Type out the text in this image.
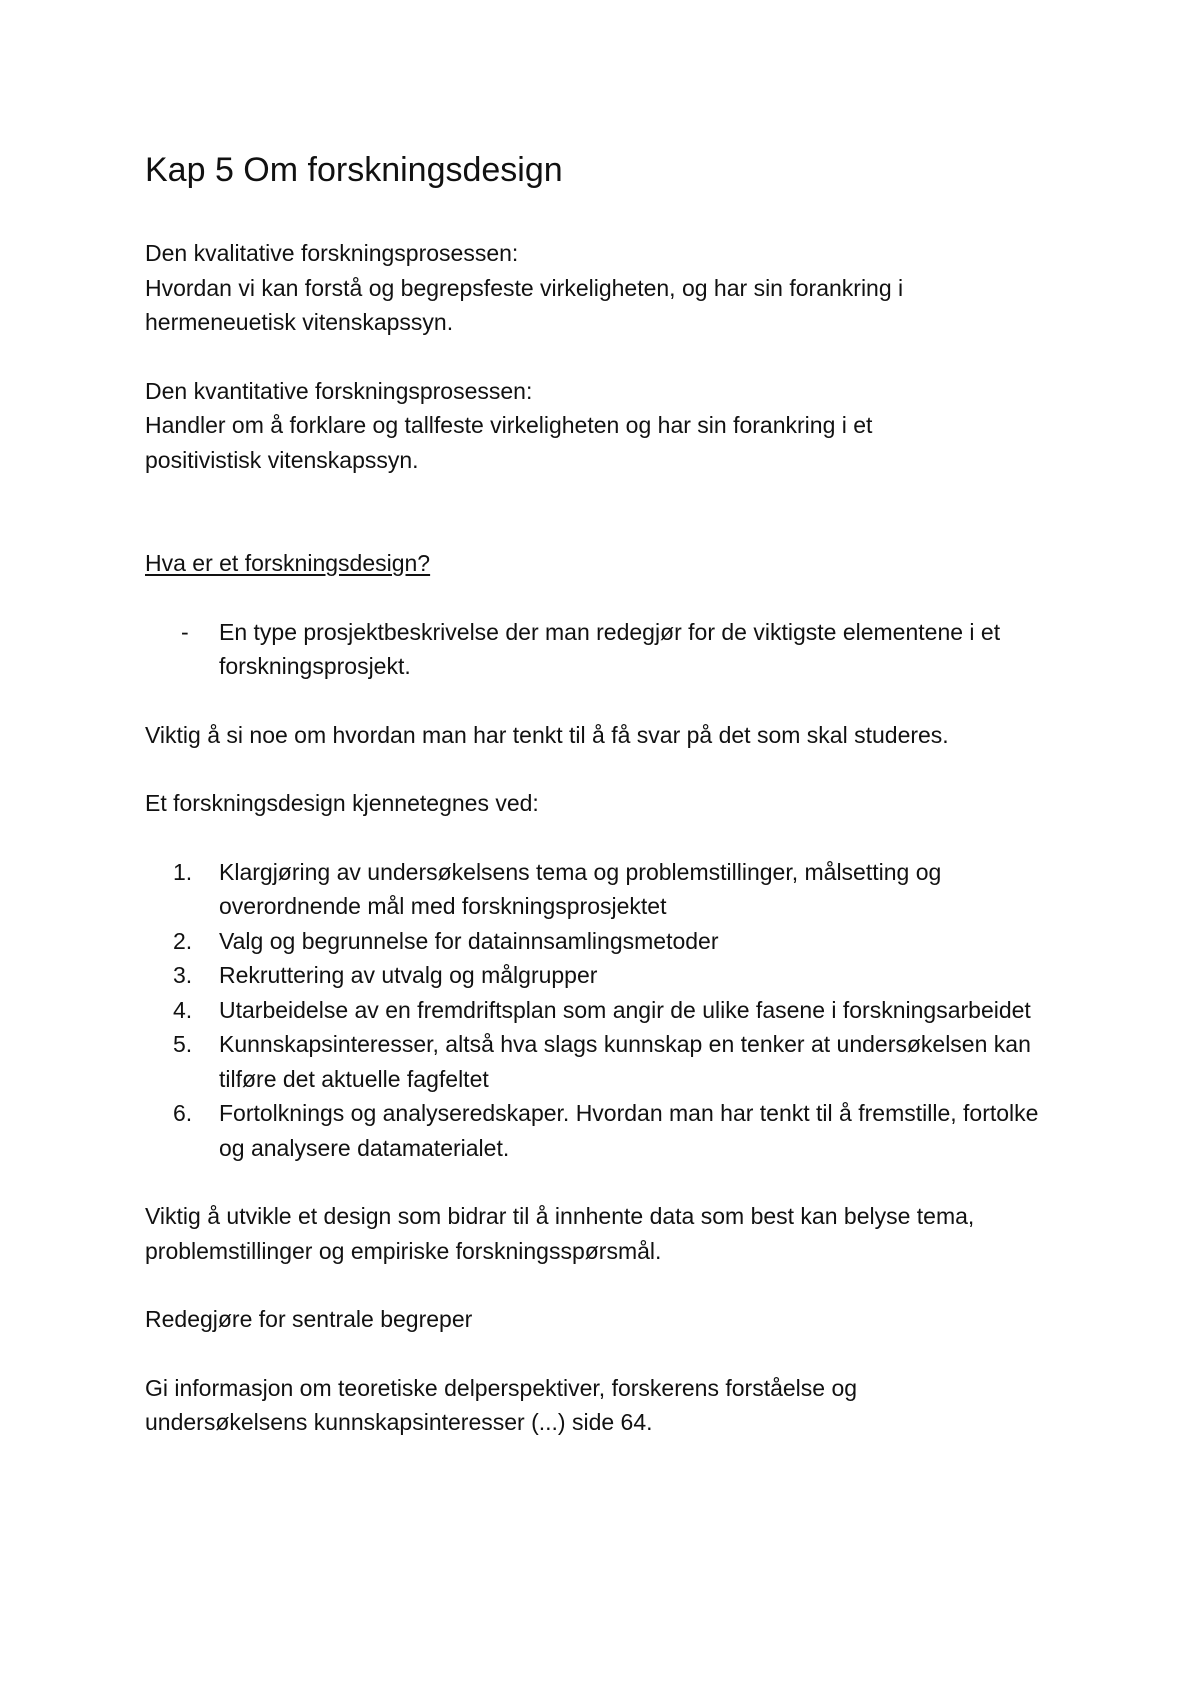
Kap 5 Om forskningsdesign

Den kvalitative forskningsprosessen:

Hvordan vi kan forstå og begrepsfeste virkeligheten, og har sin forankring i hermeneuetisk vitenskapssyn.

Den kvantitative forskningsprosessen:

Handler om å forklare og tallfeste virkeligheten og har sin forankring i et positivistisk vitenskapssyn.

Hva er et forskningsdesign?

- En type prosjektbeskrivelse der man redegjør for de viktigste elementene i et forskningsprosjekt.

Viktig å si noe om hvordan man har tenkt til å få svar på det som skal studeres.

Et forskningsdesign kjennetegnes ved:

1.	Klargjøring av undersøkelsens tema og problemstillinger, målsetting og overordnende mål med forskningsprosjektet
2.	Valg og begrunnelse for datainnsamlingsmetoder
3.	Rekruttering av utvalg og målgrupper
4.	Utarbeidelse av en fremdriftsplan som angir de ulike fasene i forskningsarbeidet
5.	Kunnskapsinteresser, altså hva slags kunnskap en tenker at undersøkelsen kan tilføre det aktuelle fagfeltet
6.	Fortolknings og analyseredskaper. Hvordan man har tenkt til å fremstille, fortolke og analysere datamaterialet.

Viktig å utvikle et design som bidrar til å innhente data som best kan belyse tema, problemstillinger og empiriske forskningsspørsmål.

Redegjøre for sentrale begreper

Gi informasjon om teoretiske delperspektiver, forskerens forståelse og undersøkelsens kunnskapsinteresser (...) side 64.
